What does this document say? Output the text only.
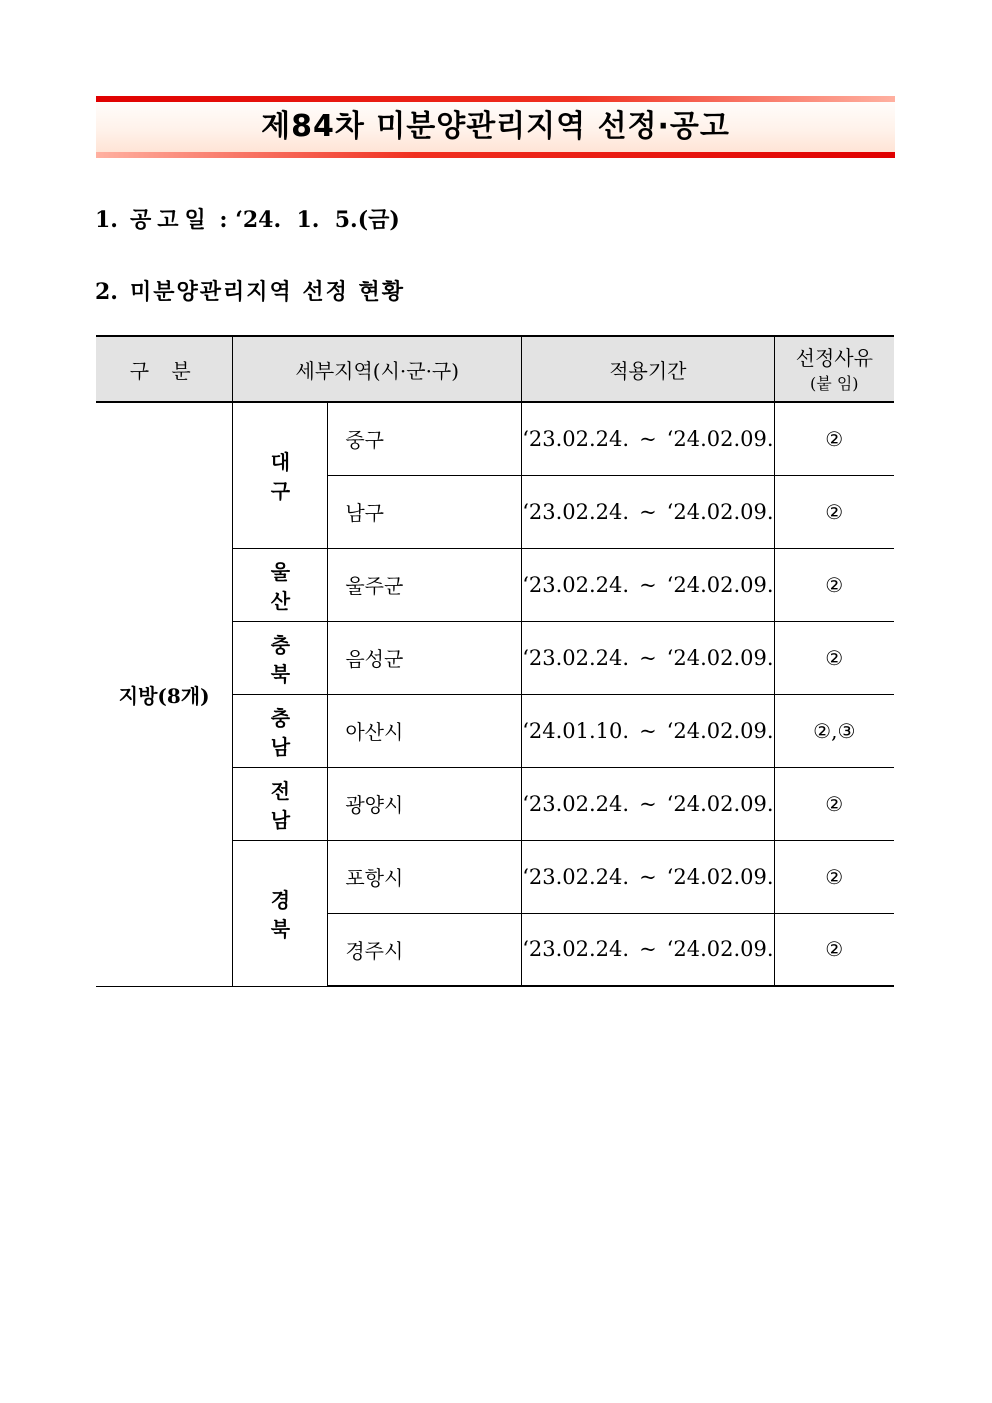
제84차 미분양관리지역 선정·공고
1. 공고일 : ‘24.  1.  5.(금)
2. 미분양관리지역 선정 현황
구 분	세부지역(시·군·구)		적용기간	선정사유
(붙 임)

지방(8개)	대 구	중구	‘23.02.24. ~ ‘24.02.09.	②
		남구	‘23.02.24. ~ ‘24.02.09.	②
	울 산	울주군	‘23.02.24. ~ ‘24.02.09.	②
	충 북	음성군	‘23.02.24. ~ ‘24.02.09.	②
	충 남	아산시	‘24.01.10. ~ ‘24.02.09.	②,③
	전 남	광양시	‘23.02.24. ~ ‘24.02.09.	②
	경 북	포항시	‘23.02.24. ~ ‘24.02.09.	②
		경주시	‘23.02.24. ~ ‘24.02.09.	②
